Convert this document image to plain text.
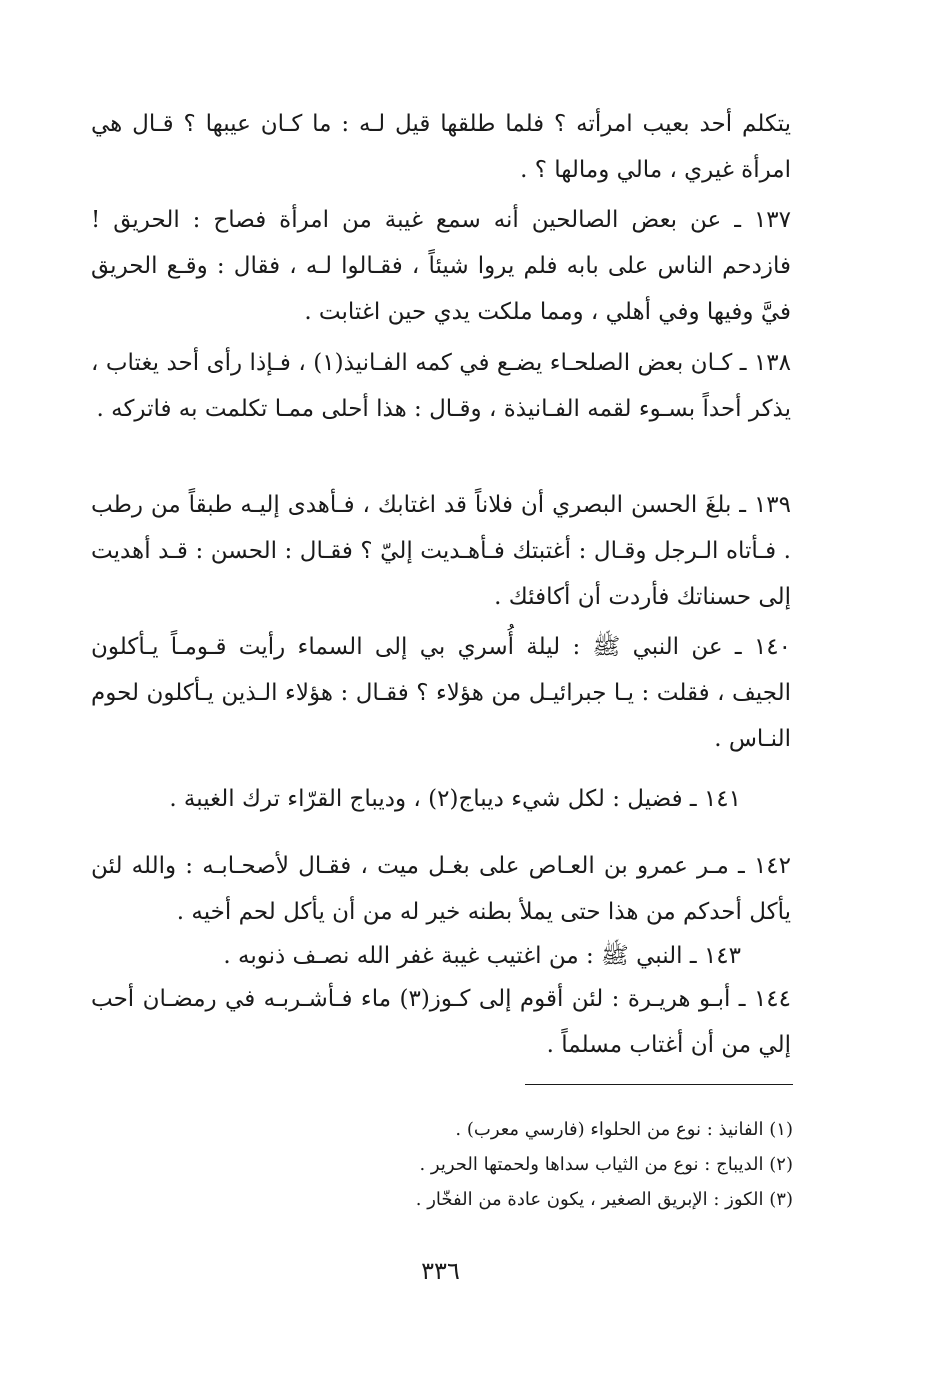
يتكلم أحد بعيب امرأته ؟ فلما طلقها قيل لـه : ما كـان عيبها ؟ قـال هي امرأة غيري ، مالي ومالها ؟ .

١٣٧ ـ عن بعض الصالحين أنه سمع غيبة من امرأة فصاح : الحريق ! فازدحم الناس على بابه فلم يروا شيئاً ، فقـالوا لـه ، فقال : وقـع الحريق فيَّ وفيها وفي أهلي ، ومما ملكت يدي حين اغتابت .

١٣٨ ـ كـان بعض الصلحـاء يضـع في كمه الفـانيذ(١) ، فـإذا رأى أحد يغتاب ، يذكر أحداً بسـوء لقمه الفـانيذة ، وقـال : هذا أحلى ممـا تكلمت به فاتركه .

١٣٩ ـ بلغَ الحسن البصري أن فلاناً قد اغتابك ، فـأهدى إليـه طبقاً من رطب . فـأتاه الـرجل وقـال : أغتبتك فـأهـديت إليّ ؟ فقـال : الحسن : قـد أهديت إلى حسناتك فأردت أن أكافئك .

١٤٠ ـ عن النبي ﷺ : ليلة أُسري بي إلى السماء رأيت قـومـاً يـأكلون الجيف ، فقلت : يـا جبرائيـل من هؤلاء ؟ فقـال : هؤلاء الـذين يـأكلون لحوم النـاس .

١٤١ ـ فضيل : لكل شيء ديباج(٢) ، وديباج القرّاء ترك الغيبة .

١٤٢ ـ مـر عمرو بن العـاص على بغـل ميت ، فقـال لأصحـابـه : والله لئن يأكل أحدكم من هذا حتى يملأ بطنه خير له من أن يأكل لحم أخيه .

١٤٣ ـ النبي ﷺ : من اغتيب غيبة غفر الله نصـف ذنوبه .

١٤٤ ـ أبـو هريـرة : لئن أقوم إلى كـوز(٣) ماء فـأشـربـه في رمضـان أحب إلي من أن أغتاب مسلماً .

(١) الفانيذ : نوع من الحلواء (فارسي معرب) .
(٢) الديباج : نوع من الثياب سداها ولحمتها الحرير .
(٣) الكوز : الإبريق الصغير ، يكون عادة من الفخّار .
٣٣٦
